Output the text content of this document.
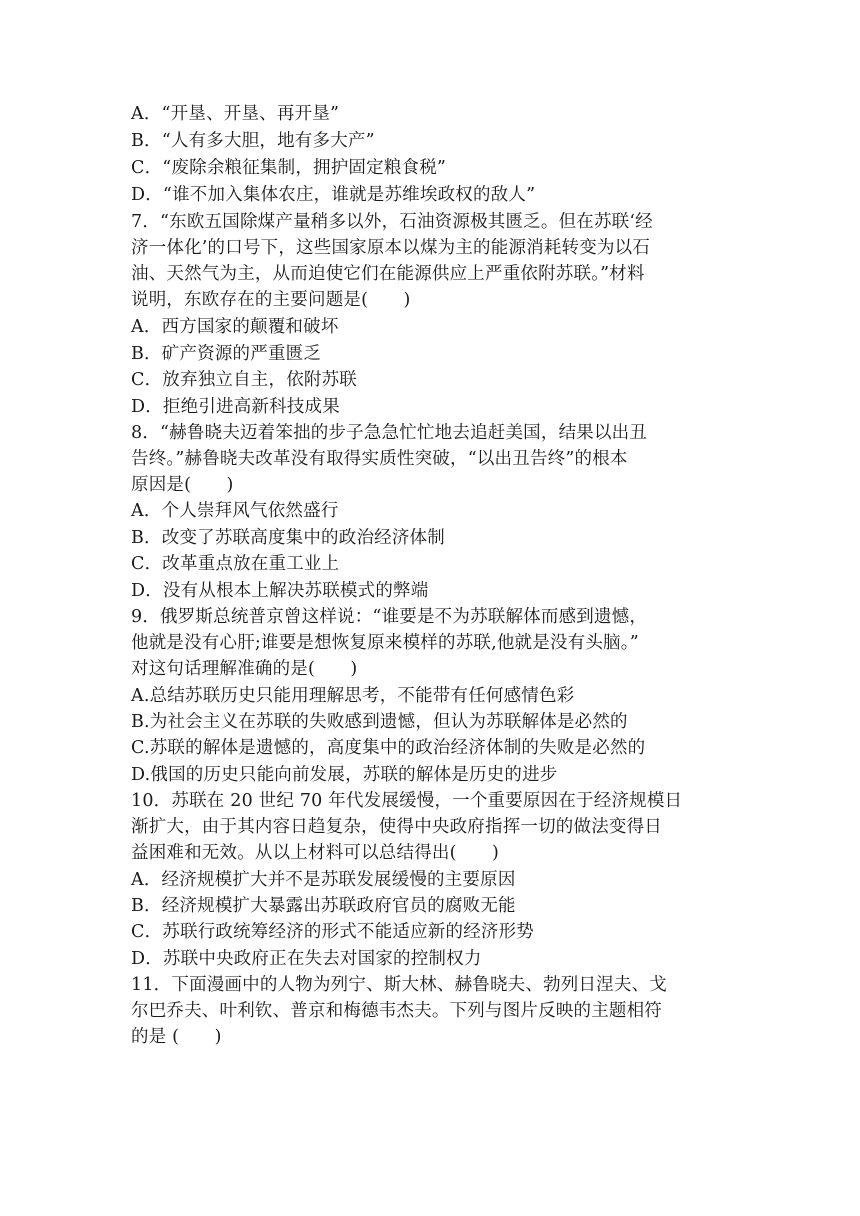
A．“开垦、开垦、再开垦”
B．“人有多大胆，地有多大产”
C．“废除余粮征集制，拥护固定粮食税”
D．“谁不加入集体农庄，谁就是苏维埃政权的敌人”
7．“东欧五国除煤产量稍多以外，石油资源极其匮乏。但在苏联‘经
济一体化’的口号下，这些国家原本以煤为主的能源消耗转变为以石
油、天然气为主，从而迫使它们在能源供应上严重依附苏联。”材料
说明，东欧存在的主要问题是(　　)
A．西方国家的颠覆和破坏
B．矿产资源的严重匮乏
C．放弃独立自主，依附苏联
D．拒绝引进高新科技成果
8．“赫鲁晓夫迈着笨拙的步子急急忙忙地去追赶美国，结果以出丑
告终。”赫鲁晓夫改革没有取得实质性突破，“以出丑告终”的根本
原因是(　　)
A．个人崇拜风气依然盛行
B．改变了苏联高度集中的政治经济体制
C．改革重点放在重工业上
D．没有从根本上解决苏联模式的弊端
9．俄罗斯总统普京曾这样说：“谁要是不为苏联解体而感到遗憾，
他就是没有心肝;谁要是想恢复原来模样的苏联,他就是没有头脑。”
对这句话理解准确的是(　　)
A.总结苏联历史只能用理解思考，不能带有任何感情色彩
B.为社会主义在苏联的失败感到遗憾，但认为苏联解体是必然的
C.苏联的解体是遗憾的，高度集中的政治经济体制的失败是必然的
D.俄国的历史只能向前发展，苏联的解体是历史的进步
10．苏联在 20 世纪 70 年代发展缓慢，一个重要原因在于经济规模日
渐扩大，由于其内容日趋复杂，使得中央政府指挥一切的做法变得日
益困难和无效。从以上材料可以总结得出(　　)
A．经济规模扩大并不是苏联发展缓慢的主要原因
B．经济规模扩大暴露出苏联政府官员的腐败无能
C．苏联行政统筹经济的形式不能适应新的经济形势
D．苏联中央政府正在失去对国家的控制权力
11．下面漫画中的人物为列宁、斯大林、赫鲁晓夫、勃列日涅夫、戈
尔巴乔夫、叶利钦、普京和梅德韦杰夫。下列与图片反映的主题相符
的是 (　　)
